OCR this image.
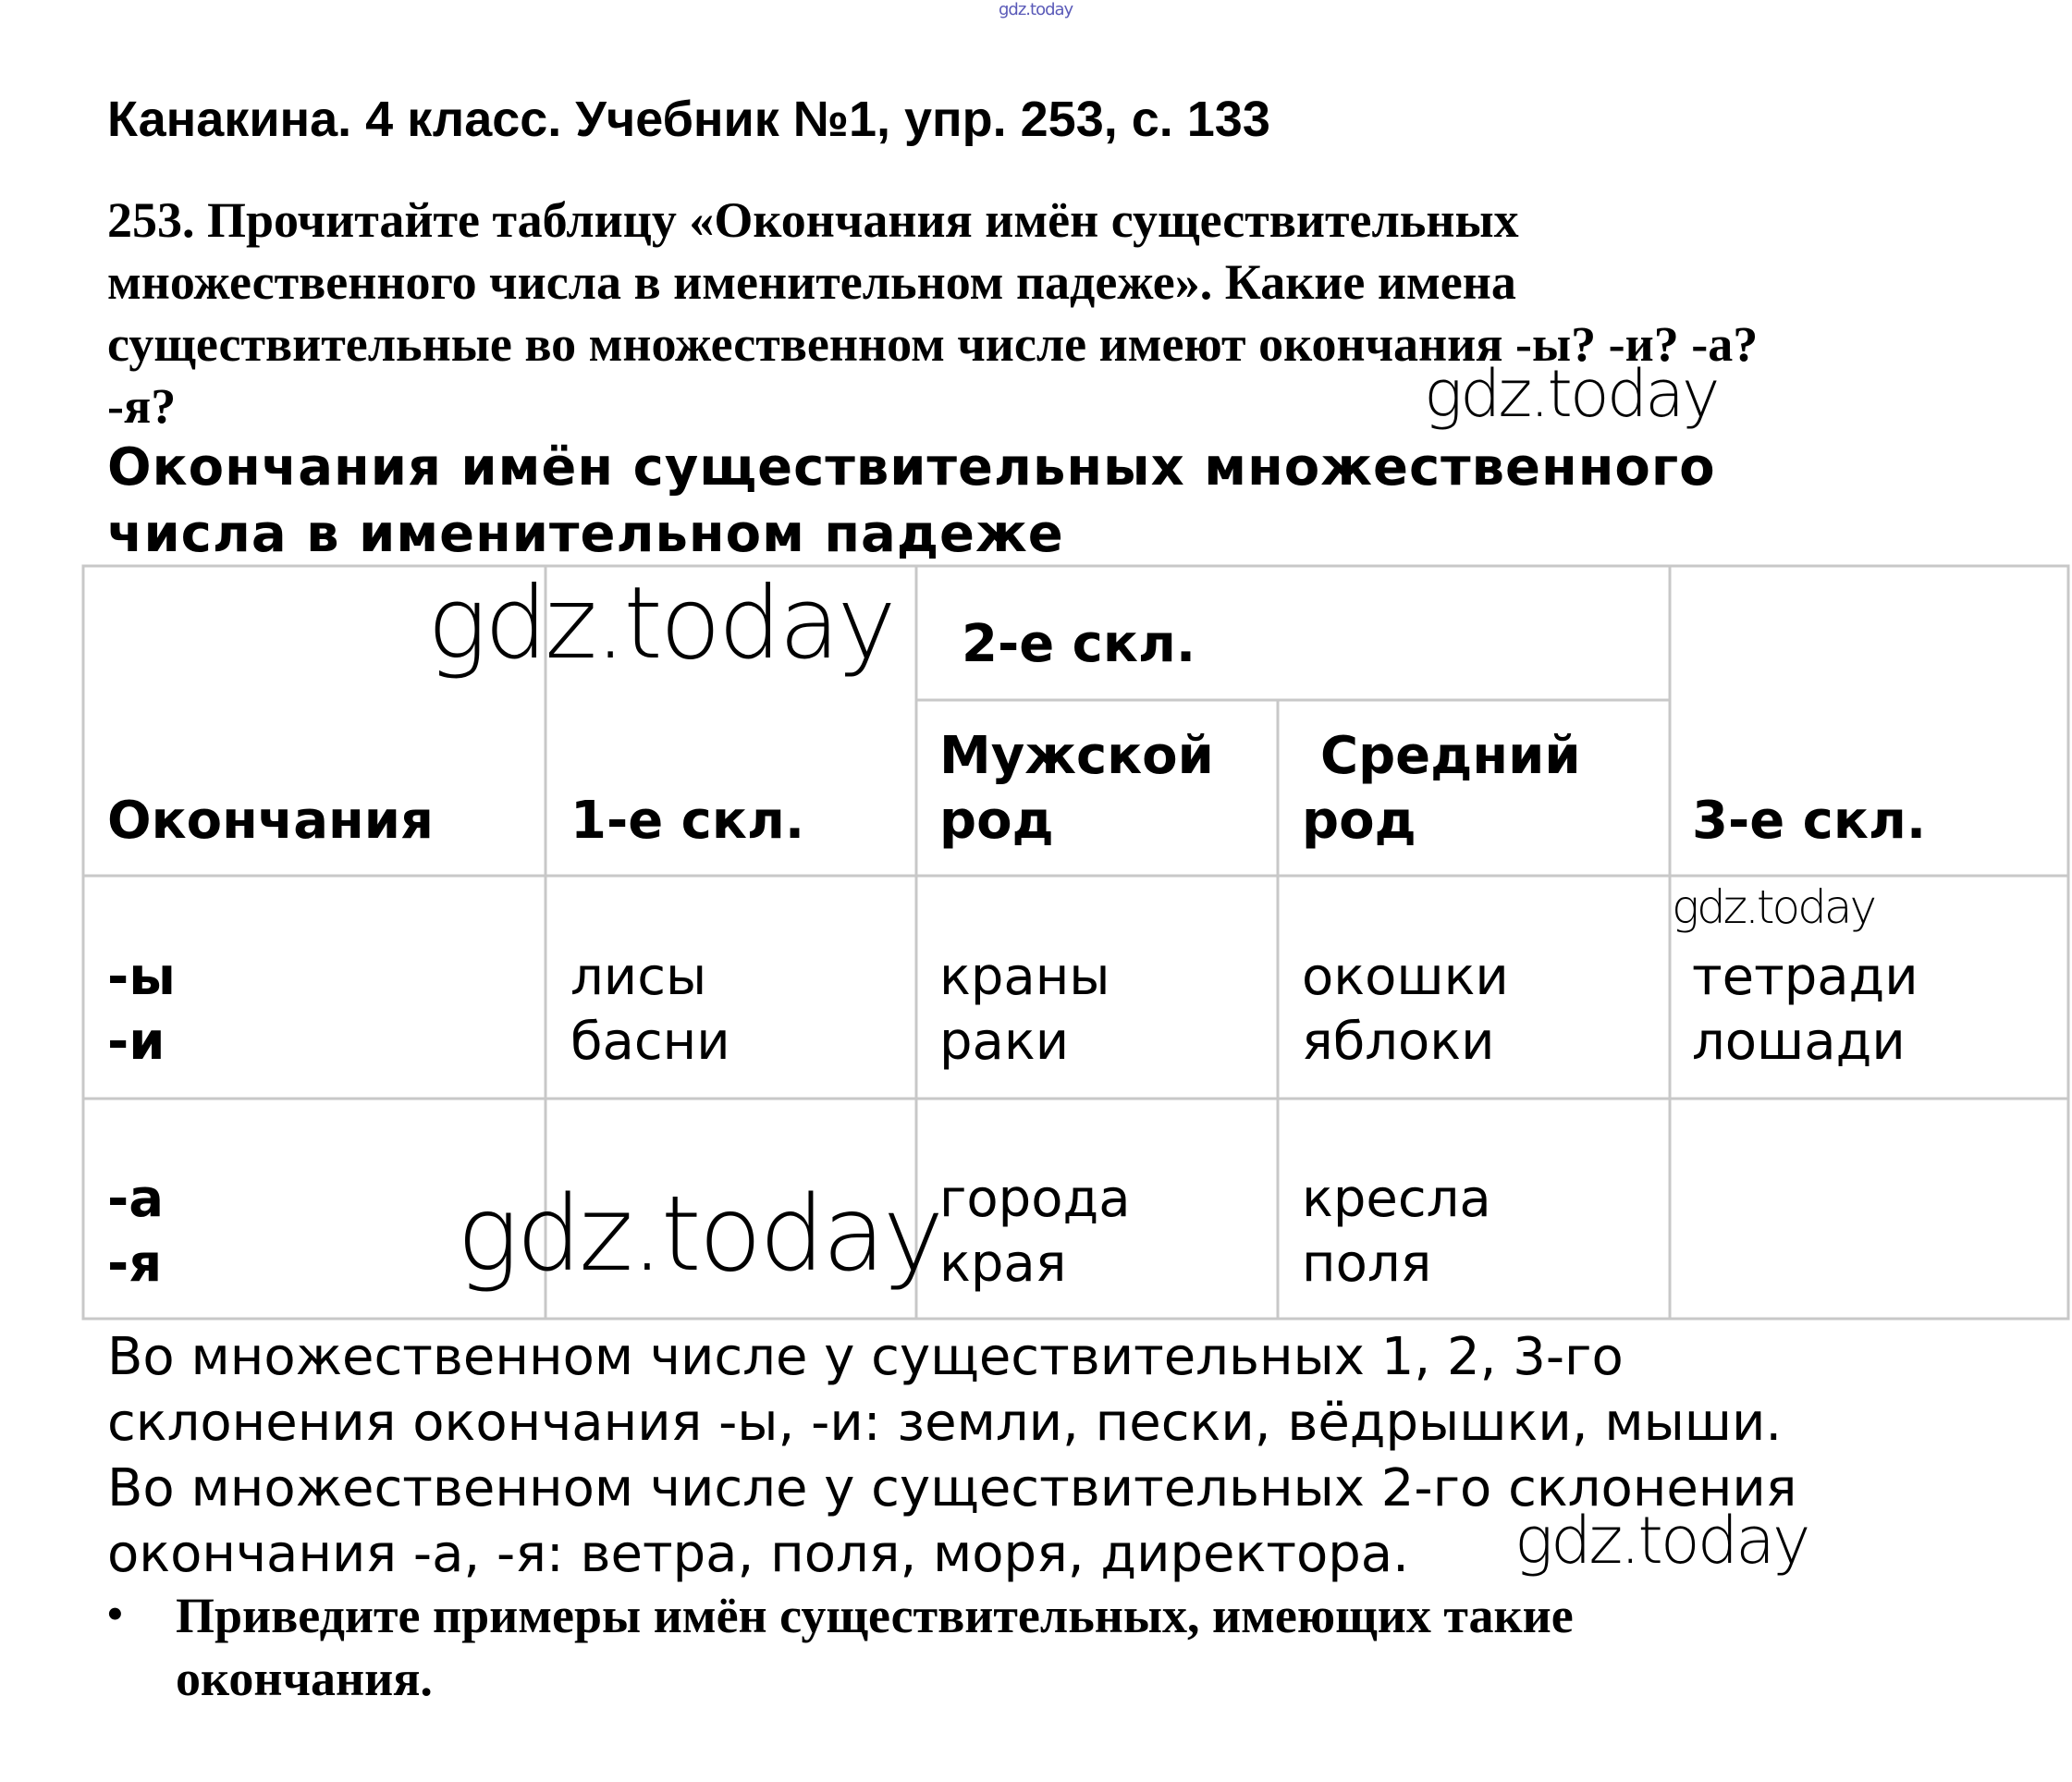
gdz.today
Канакина. 4 класс. Учебник №1, упр. 253, с. 133
253. Прочитайте таблицу «Окончания имён существительных
множественного числа в именительном падеже». Какие имена
существительные во множественном числе имеют окончания -ы? -и? -а?
-я?
Окончания имён существительных множественного
числа в именительном падеже
2-е скл.
Окончания	1-е скл.
Мужской
род
Средний
род	3-е скл.
-ы
-и
лисы
басни
краны
раки
окошки
яблоки
тетради
лошади
-а
-я
города
края
кресла
поля
Во множественном числе у существительных 1, 2, 3-го
склонения окончания -ы, -и: земли, пески, вёдрышки, мыши.
Во множественном числе у существительных 2-го склонения
окончания -а, -я: ветра, поля, моря, директора.
• Приведите примеры имён существительных, имеющих такие
окончания.
gdz.today
gdz.today
gdz.today
gdz.today
gdz.today
